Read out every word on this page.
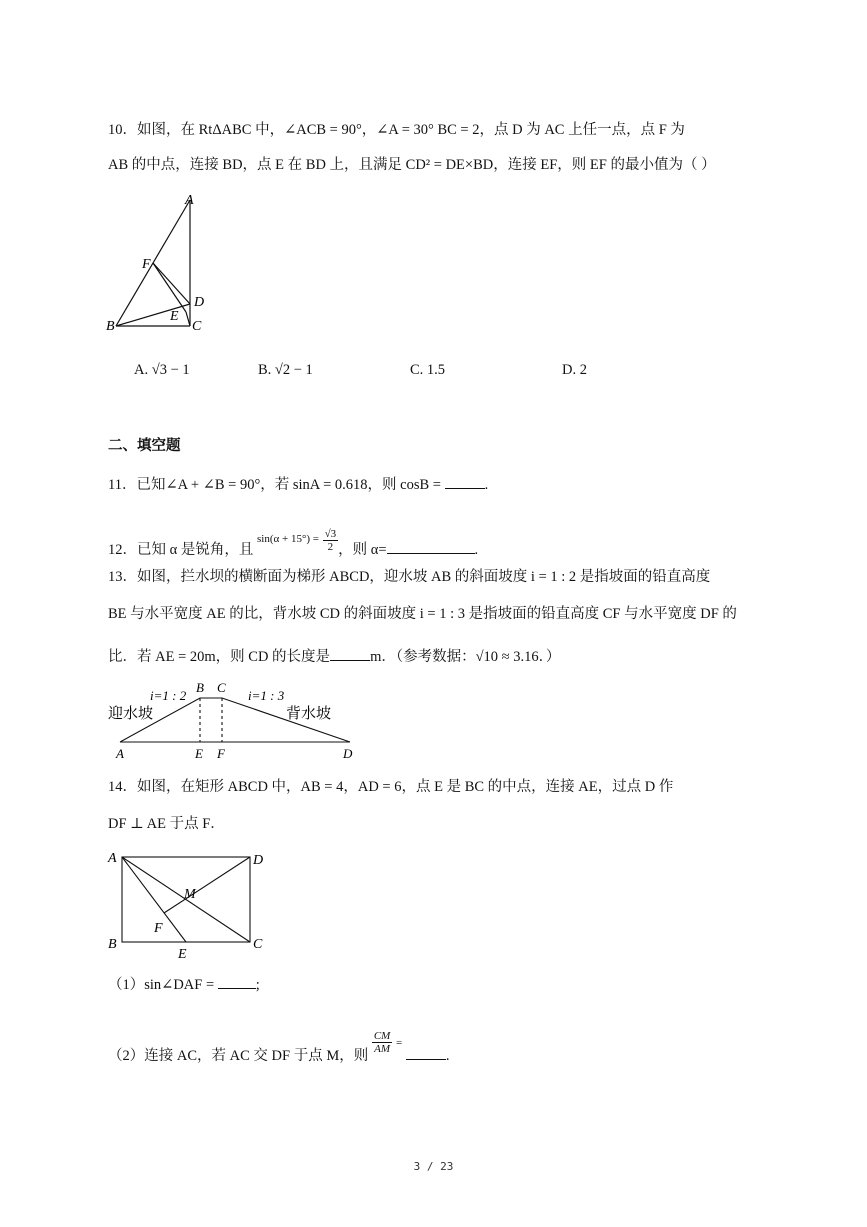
10．如图，在 RtΔABC 中，∠ACB = 90°，∠A = 30° BC = 2，点 D 为 AC 上任一点，点 F 为
AB 的中点，连接 BD，点 E 在 BD 上，且满足 CD² = DE×BD，连接 EF，则 EF 的最小值为（ ）
A
F
D
E
B	C
A. √3 − 1	B. √2 − 1	C. 1.5	D. 2
二、填空题
11．已知∠A + ∠B = 90°，若 sinA = 0.618，则 cosB =	.
12．已知 α 是锐角，且 $^{sin(\alpha + 15^\circ) =} \frac{√3}{2}$ ，则 α=	.
13．如图，拦水坝的横断面为梯形 ABCD，迎水坡 AB 的斜面坡度 i = 1 : 2 是指坡面的铅直高度
BE 与水平宽度 AE 的比，背水坡 CD 的斜面坡度 i = 1 : 3 是指坡面的铅直高度 CF 与水平宽度 DF 的
比．若 AE = 20m，则 CD 的长度是	m．（参考数据：√10 ≈ 3.16．）
i=1 : 2	i=1 : 3
B C
迎水坡	背水坡
A	E F	D
14．如图，在矩形 ABCD 中，AB = 4，AD = 6，点 E 是 BC 的中点，连接 AE，过点 D 作
DF ⊥ AE 于点 F．
A	D
M
F
B
E
C
（1）sin∠DAF =	;
（2）连接 AC，若 AC 交 DF 于点 M，则
$\frac{CM}{AM} ^=$ .
3 / 23
